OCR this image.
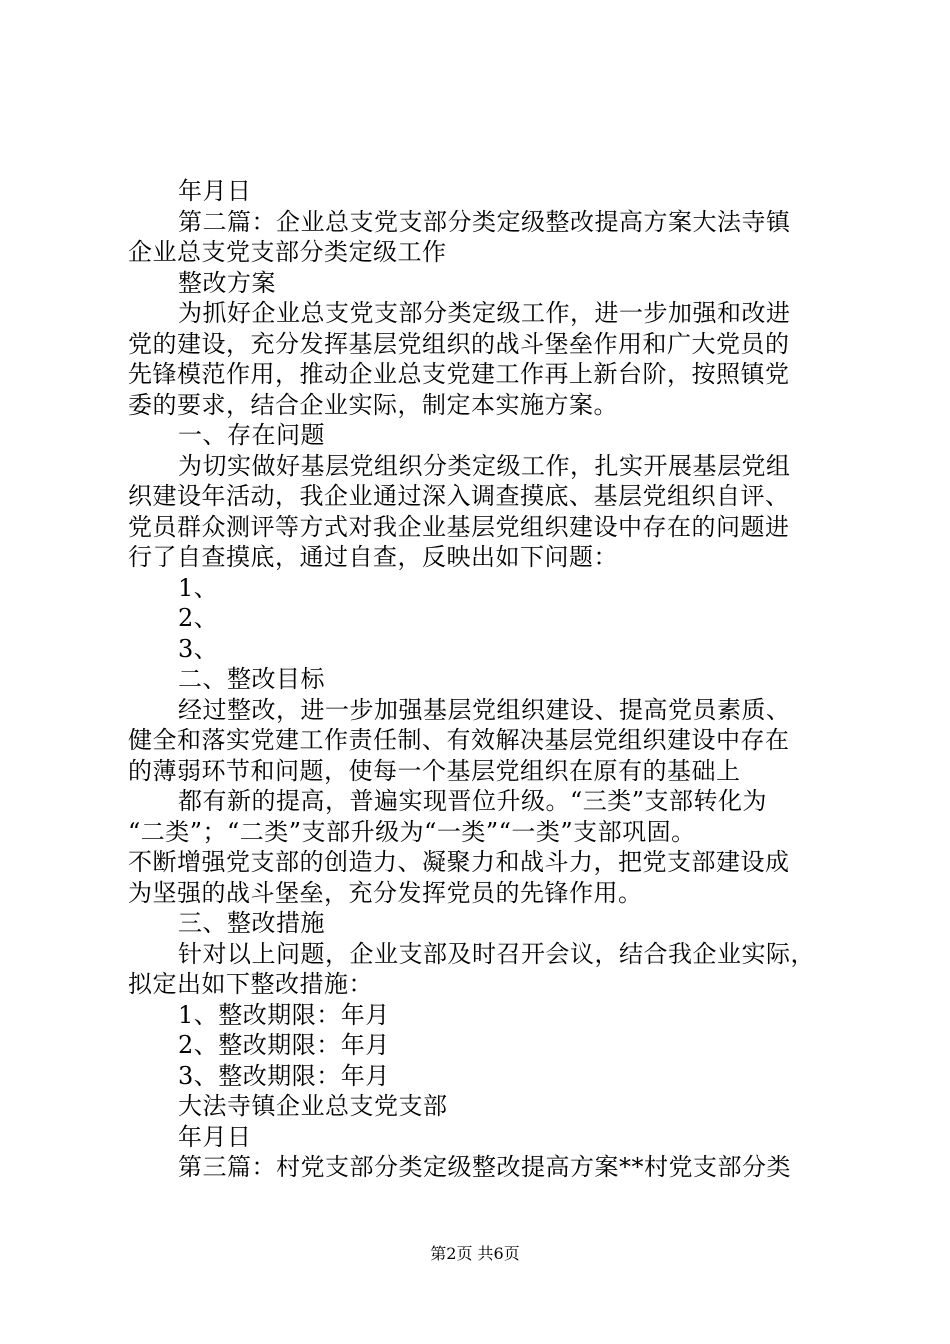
年月日
第二篇：企业总支党支部分类定级整改提高方案大法寺镇
企业总支党支部分类定级工作
整改方案
为抓好企业总支党支部分类定级工作，进一步加强和改进
党的建设，充分发挥基层党组织的战斗堡垒作用和广大党员的
先锋模范作用，推动企业总支党建工作再上新台阶，按照镇党
委的要求，结合企业实际，制定本实施方案。
一、存在问题
为切实做好基层党组织分类定级工作，扎实开展基层党组
织建设年活动，我企业通过深入调查摸底、基层党组织自评、
党员群众测评等方式对我企业基层党组织建设中存在的问题进
行了自查摸底，通过自查，反映出如下问题：
1、
2、
3、
二、整改目标
经过整改，进一步加强基层党组织建设、提高党员素质、
健全和落实党建工作责任制、有效解决基层党组织建设中存在
的薄弱环节和问题，使每一个基层党组织在原有的基础上
都有新的提高，普遍实现晋位升级。“三类”支部转化为
“二类”；“二类”支部升级为“一类”“一类”支部巩固。
不断增强党支部的创造力、凝聚力和战斗力，把党支部建设成
为坚强的战斗堡垒，充分发挥党员的先锋作用。
三、整改措施
针对以上问题，企业支部及时召开会议，结合我企业实际，
拟定出如下整改措施：
1、整改期限：年月
2、整改期限：年月
3、整改期限：年月
大法寺镇企业总支党支部
年月日
第三篇：村党支部分类定级整改提高方案**村党支部分类
第2页 共6页
